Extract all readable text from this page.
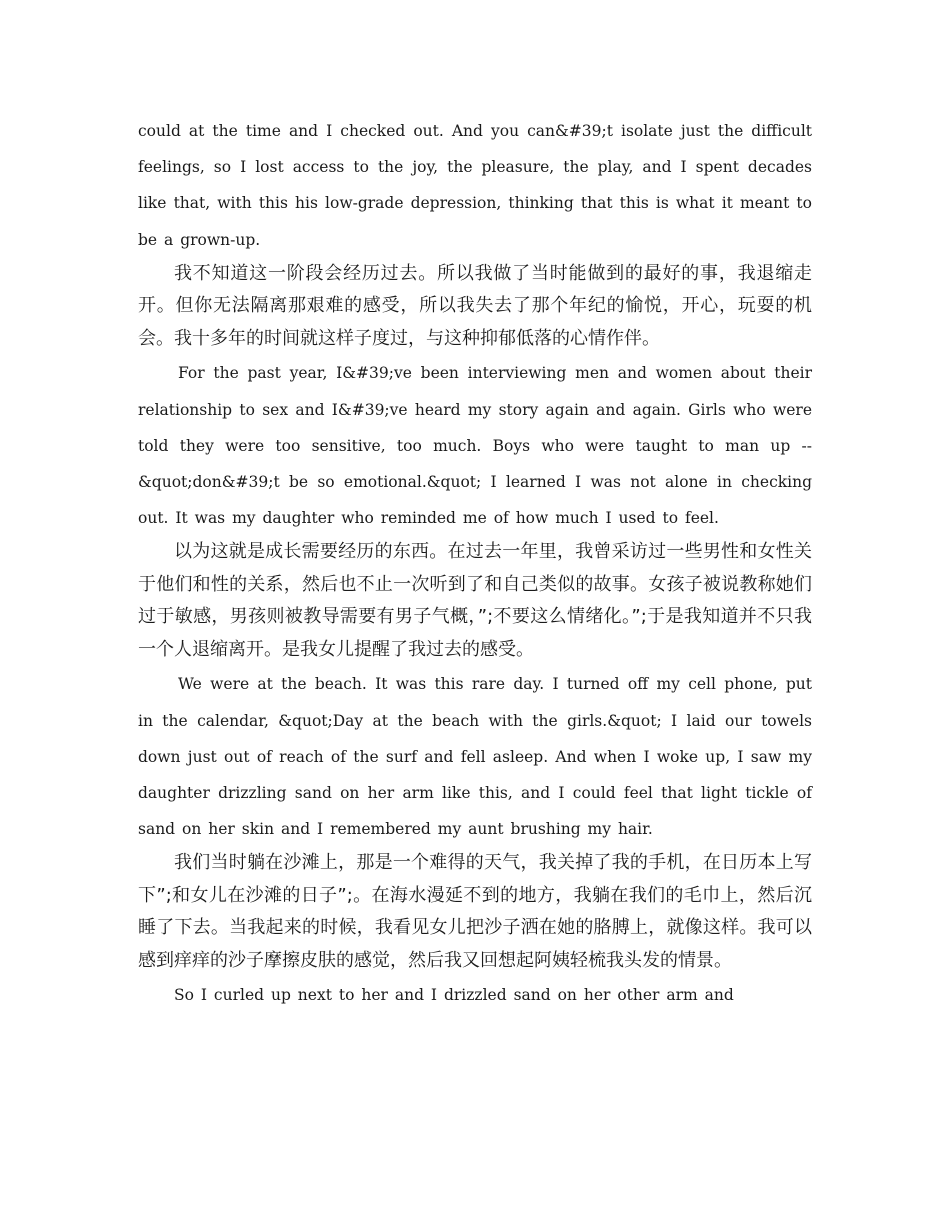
could at the time and I checked out. And you can&#39;t isolate just the difficult feelings, so I lost access to the joy, the pleasure, the play, and I spent decades like that, with this his low-grade depression, thinking that this is what it meant to be a grown-up.

我不知道这一阶段会经历过去。所以我做了当时能做到的最好的事，我退缩走开。但你无法隔离那艰难的感受，所以我失去了那个年纪的愉悦，开心，玩耍的机会。我十多年的时间就这样子度过，与这种抑郁低落的心情作伴。

For the past year, I&#39;ve been interviewing men and women about their relationship to sex and I&#39;ve heard my story again and again. Girls who were told they were too sensitive, too much. Boys who were taught to man up -- &quot;don&#39;t be so emotional.&quot; I learned I was not alone in checking out. It was my daughter who reminded me of how much I used to feel.

以为这就是成长需要经历的东西。在过去一年里，我曾采访过一些男性和女性关于他们和性的关系，然后也不止一次听到了和自己类似的故事。女孩子被说教称她们过于敏感，男孩则被教导需要有男子气概，”;不要这么情绪化。”;于是我知道并不只我一个人退缩离开。是我女儿提醒了我过去的感受。

We were at the beach. It was this rare day. I turned off my cell phone, put in the calendar, &quot;Day at the beach with the girls.&quot; I laid our towels down just out of reach of the surf and fell asleep. And when I woke up, I saw my daughter drizzling sand on her arm like this, and I could feel that light tickle of sand on her skin and I remembered my aunt brushing my hair.

我们当时躺在沙滩上，那是一个难得的天气，我关掉了我的手机，在日历本上写下”;和女儿在沙滩的日子”;。在海水漫延不到的地方，我躺在我们的毛巾上，然后沉睡了下去。当我起来的时候，我看见女儿把沙子洒在她的胳膊上，就像这样。我可以感到痒痒的沙子摩擦皮肤的感觉，然后我又回想起阿姨轻梳我头发的情景。

So I curled up next to her and I drizzled sand on her other arm and
